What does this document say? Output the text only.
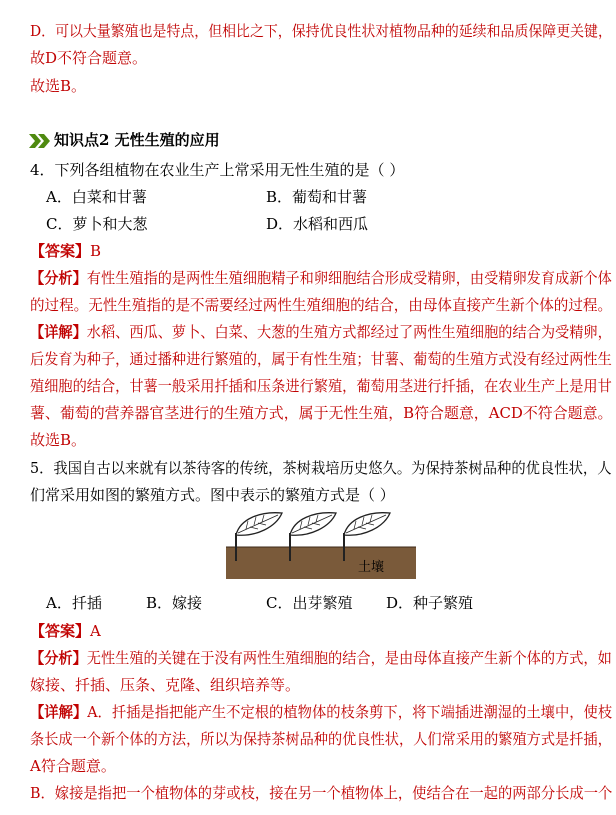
D．可以大量繁殖也是特点，但相比之下，保持优良性状对植物品种的延续和品质保障更关键，
故D不符合题意。
故选B。
知识点2 无性生殖的应用
4．下列各组植物在农业生产上常采用无性生殖的是（ ）
A．白菜和甘薯	B．葡萄和甘薯
C．萝卜和大葱	D．水稻和西瓜
【答案】B
【分析】有性生殖指的是两性生殖细胞精子和卵细胞结合形成受精卵，由受精卵发育成新个体
的过程。无性生殖指的是不需要经过两性生殖细胞的结合，由母体直接产生新个体的过程。
【详解】水稻、西瓜、萝卜、白菜、大葱的生殖方式都经过了两性生殖细胞的结合为受精卵，
后发育为种子，通过播种进行繁殖的，属于有性生殖；甘薯、葡萄的生殖方式没有经过两性生
殖细胞的结合，甘薯一般采用扦插和压条进行繁殖，葡萄用茎进行扦插，在农业生产上是用甘
薯、葡萄的营养器官茎进行的生殖方式，属于无性生殖，B符合题意，ACD不符合题意。
故选B。
5．我国自古以来就有以茶待客的传统，茶树栽培历史悠久。为保持茶树品种的优良性状，人
们常采用如图的繁殖方式。图中表示的繁殖方式是（ ）
土壤
A．扦插	B．嫁接	C．出芽繁殖 D．种子繁殖
【答案】A
【分析】无性生殖的关键在于没有两性生殖细胞的结合，是由母体直接产生新个体的方式，如
嫁接、扦插、压条、克隆、组织培养等。
【详解】A．扦插是指把能产生不定根的植物体的枝条剪下，将下端插进潮湿的土壤中，使枝
条长成一个新个体的方法，所以为保持茶树品种的优良性状，人们常采用的繁殖方式是扦插，
A符合题意。
B．嫁接是指把一个植物体的芽或枝，接在另一个植物体上，使结合在一起的两部分长成一个
